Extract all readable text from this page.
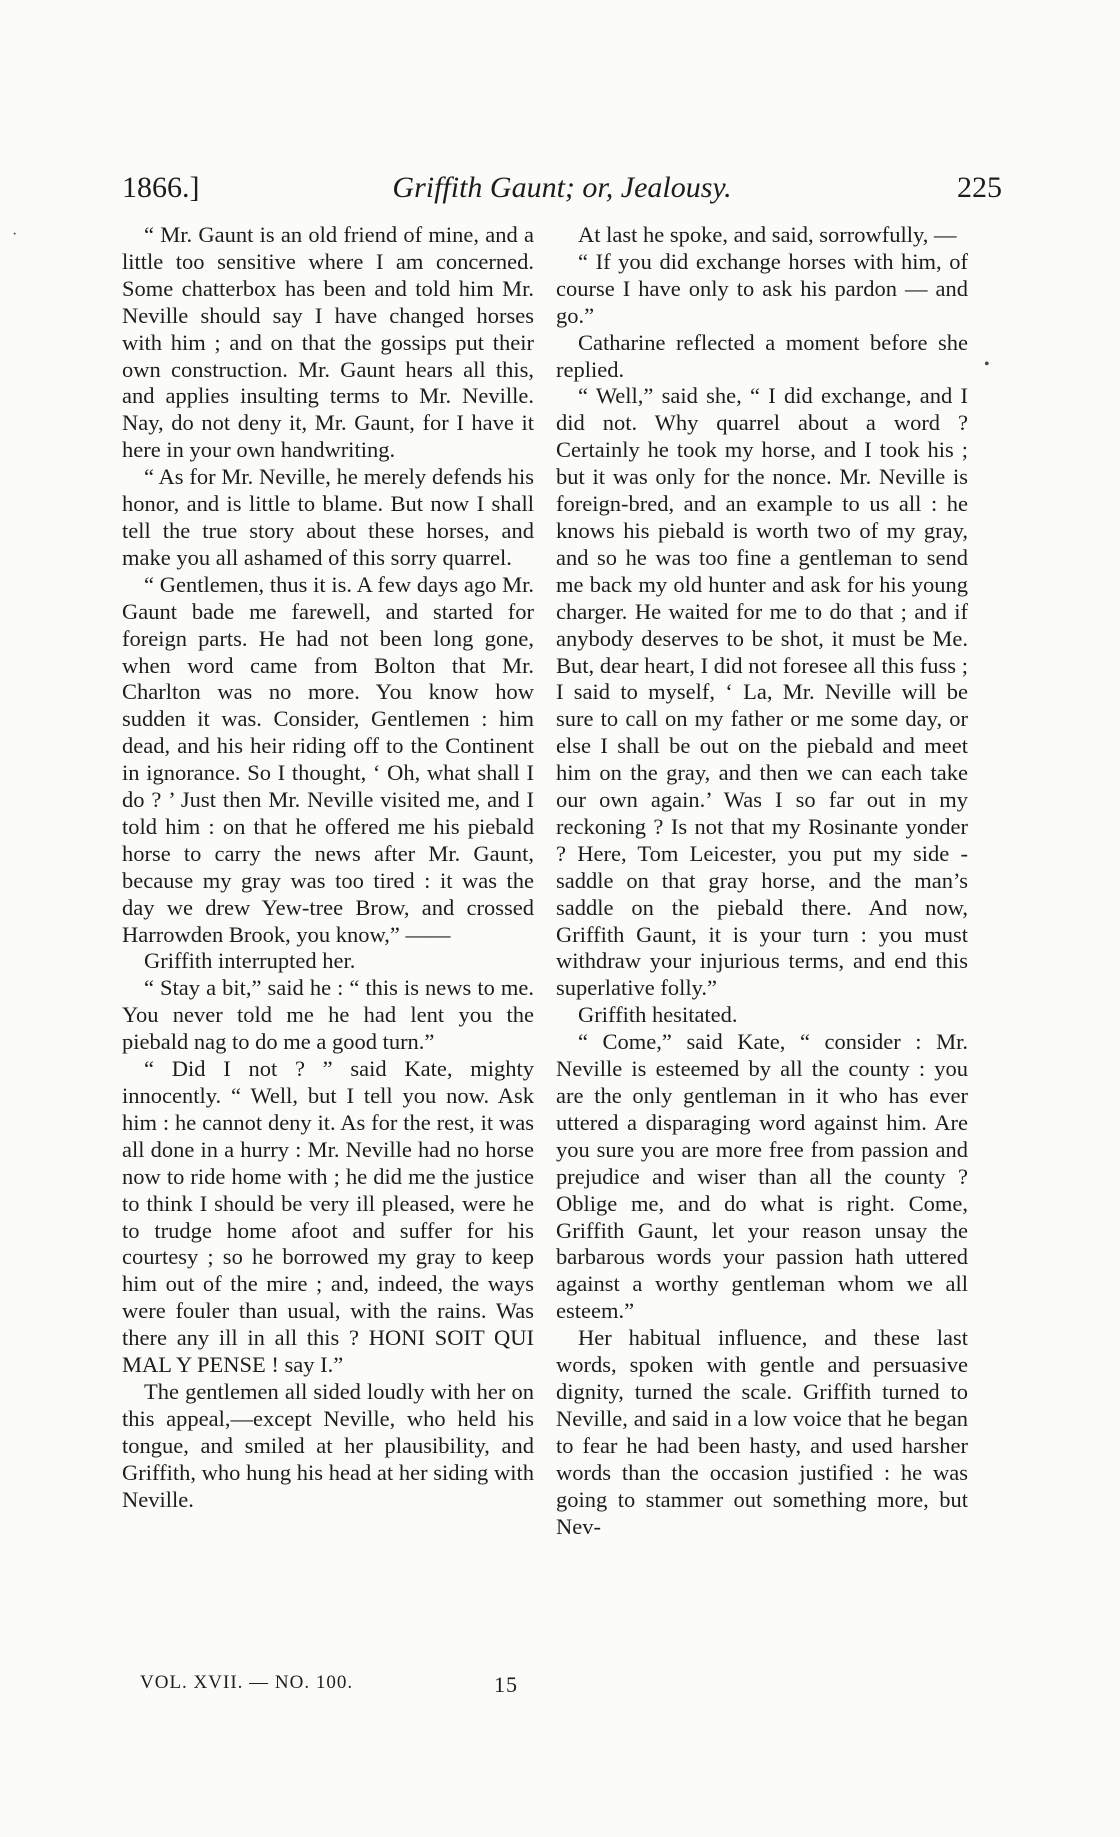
1866.]	Griffith Gaunt; or, Jealousy.	225

“ Mr. Gaunt is an old friend of mine, and a little too sensitive where I am concerned. Some chatterbox has been and told him Mr. Neville should say I have changed horses with him ; and on that the gossips put their own construction. Mr. Gaunt hears all this, and applies insulting terms to Mr. Neville. Nay, do not deny it, Mr. Gaunt, for I have it here in your own handwriting.

“ As for Mr. Neville, he merely defends his honor, and is little to blame. But now I shall tell the true story about these horses, and make you all ashamed of this sorry quarrel.

“ Gentlemen, thus it is. A few days ago Mr. Gaunt bade me farewell, and started for foreign parts. He had not been long gone, when word came from Bolton that Mr. Charlton was no more. You know how sudden it was. Consider, Gentlemen : him dead, and his heir riding off to the Continent in ignorance. So I thought, ‘ Oh, what shall I do ? ’ Just then Mr. Neville visited me, and I told him : on that he offered me his piebald horse to carry the news after Mr. Gaunt, because my gray was too tired : it was the day we drew Yew-tree Brow, and crossed Harrowden Brook, you know,” ——

Griffith interrupted her.

“ Stay a bit,” said he : “ this is news to me. You never told me he had lent you the piebald nag to do me a good turn.”

“ Did I not ? ” said Kate, mighty innocently. “ Well, but I tell you now. Ask him : he cannot deny it. As for the rest, it was all done in a hurry : Mr. Neville had no horse now to ride home with ; he did me the justice to think I should be very ill pleased, were he to trudge home afoot and suffer for his courtesy ; so he borrowed my gray to keep him out of the mire ; and, indeed, the ways were fouler than usual, with the rains. Was there any ill in all this ? HONI SOIT QUI MAL Y PENSE ! say I.”

The gentlemen all sided loudly with her on this appeal,—except Neville, who held his tongue, and smiled at her plausibility, and Griffith, who hung his head at her siding with Neville.

At last he spoke, and said, sorrowfully, —

“ If you did exchange horses with him, of course I have only to ask his pardon — and go.”

Catharine reflected a moment before she replied.

“ Well,” said she, “ I did exchange, and I did not. Why quarrel about a word ? Certainly he took my horse, and I took his ; but it was only for the nonce. Mr. Neville is foreign-bred, and an example to us all : he knows his piebald is worth two of my gray, and so he was too fine a gentleman to send me back my old hunter and ask for his young charger. He waited for me to do that ; and if anybody deserves to be shot, it must be Me. But, dear heart, I did not foresee all this fuss ; I said to myself, ‘ La, Mr. Neville will be sure to call on my father or me some day, or else I shall be out on the piebald and meet him on the gray, and then we can each take our own again.’ Was I so far out in my reckoning ? Is not that my Rosinante yonder ? Here, Tom Leicester, you put my side - saddle on that gray horse, and the man’s saddle on the piebald there. And now, Griffith Gaunt, it is your turn : you must withdraw your injurious terms, and end this superlative folly.”

Griffith hesitated.

“ Come,” said Kate, “ consider : Mr. Neville is esteemed by all the county : you are the only gentleman in it who has ever uttered a disparaging word against him. Are you sure you are more free from passion and prejudice and wiser than all the county ? Oblige me, and do what is right. Come, Griffith Gaunt, let your reason unsay the barbarous words your passion hath uttered against a worthy gentleman whom we all esteem.”

Her habitual influence, and these last words, spoken with gentle and persuasive dignity, turned the scale. Griffith turned to Neville, and said in a low voice that he began to fear he had been hasty, and used harsher words than the occasion justified : he was going to stammer out something more, but Nev-

•
·
VOL. XVII. — NO. 100.	15
